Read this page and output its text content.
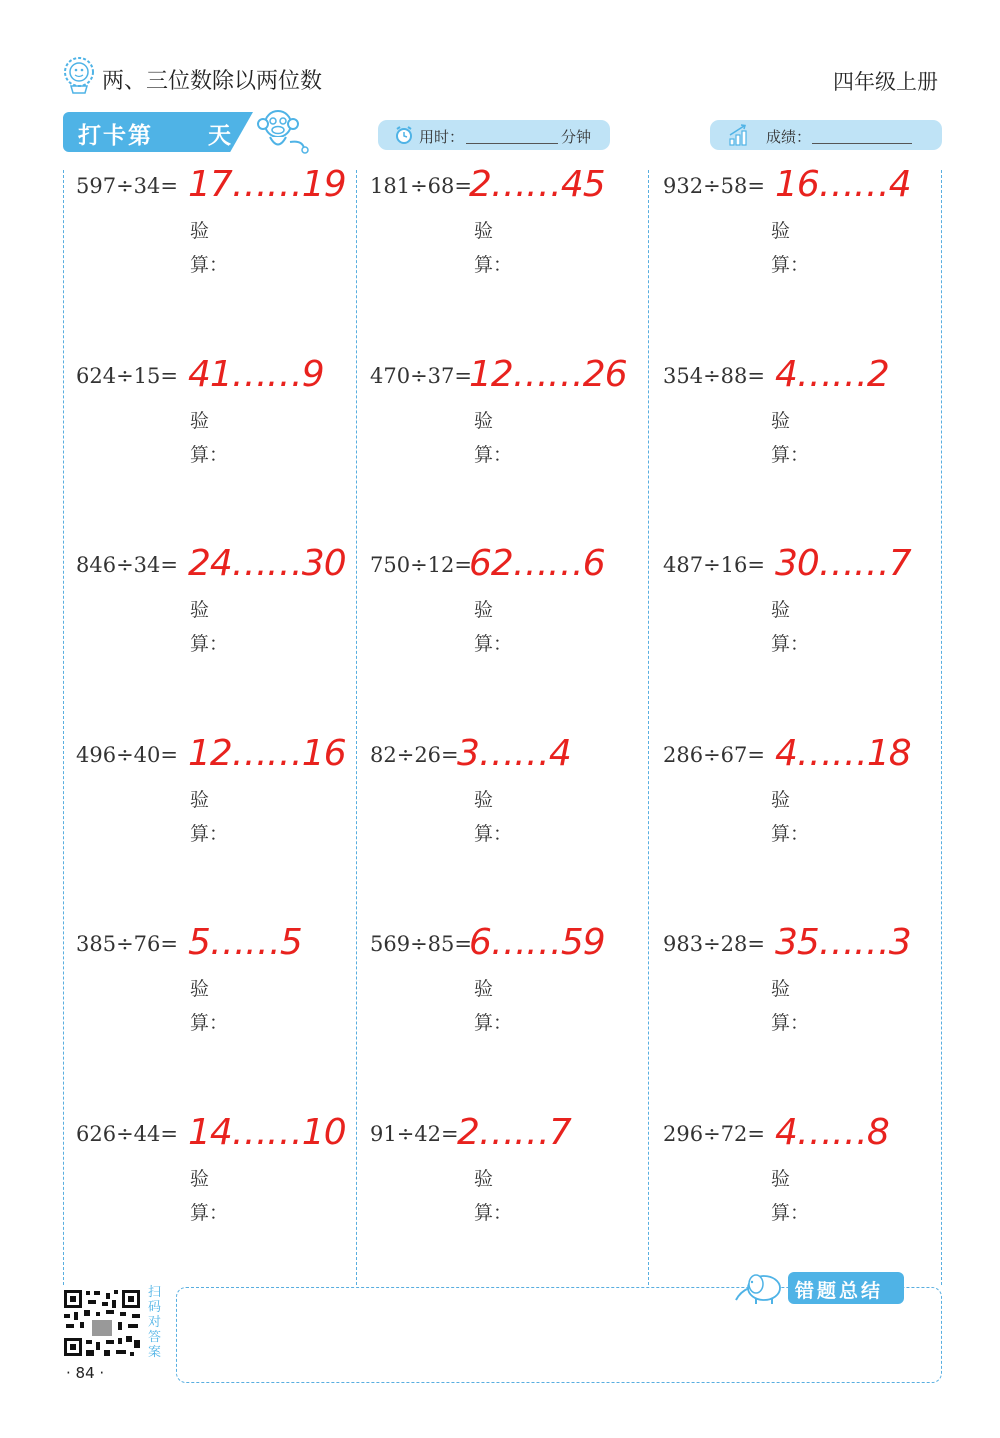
两、三位数除以两位数	四年级上册
打卡第 天	用时：	分钟	成绩：
597÷34= 17……19
验
算：
624÷15= 41……9
验
算：
846÷34= 24……30
验
算：
496÷40= 12……16
验
算：
385÷76= 5……5
验
算：
626÷44= 14……10
验
算：
181÷68=
2……45
验
算：
470÷37=
12……26
验
算：
750÷12=
62……6
验
算：
82÷26=
3……4
验
算：
569÷85=
6……59
验
算：
91÷42=
2……7
验
算：
932÷58= 16……4
验
算：
354÷88= 4……2
验
算：
487÷16= 30……7
验
算：
286÷67= 4……18
验
算：
983÷28= 35……3
验
算：
296÷72= 4……8
验
算：
错题总结
扫码对答案
· 84 ·
